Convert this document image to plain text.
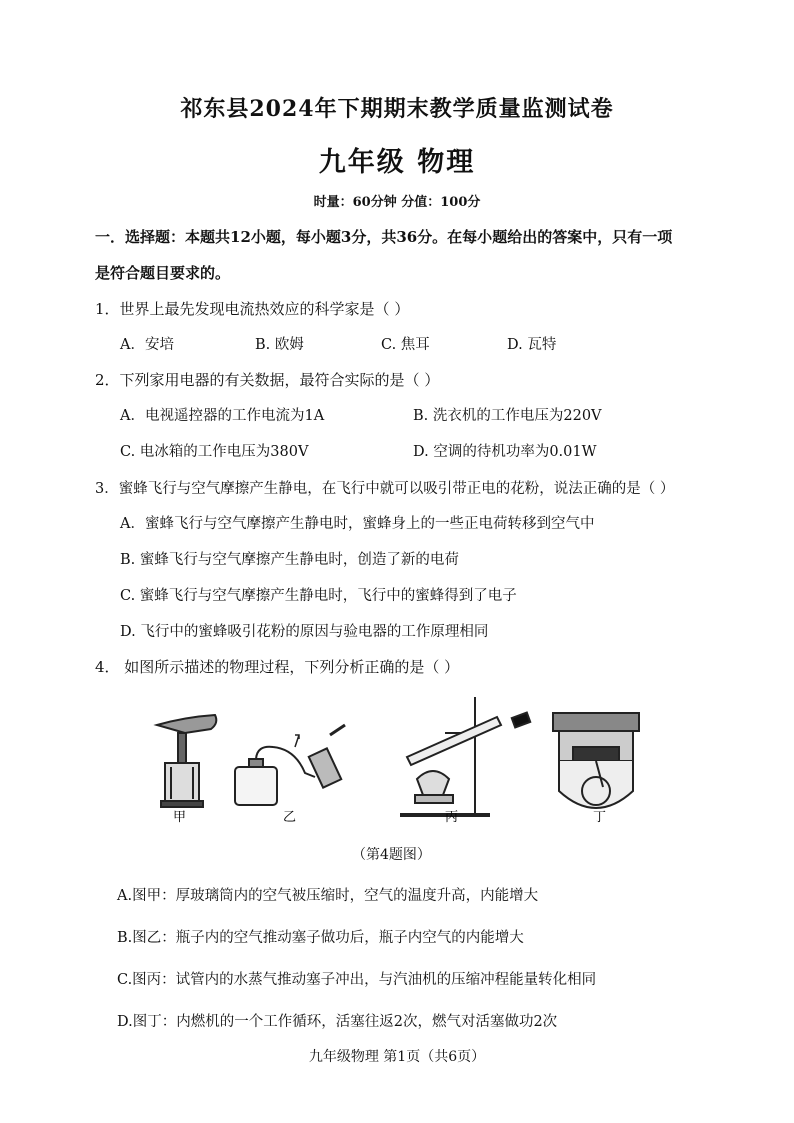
祁东县2024年下期期末教学质量监测试卷
九年级 物理
时量：60分钟 分值：100分
一．选择题：本题共12小题，每小题3分，共36分。在每小题给出的答案中，只有一项
是符合题目要求的。
1．世界上最先发现电流热效应的科学家是（ ）
A．安培	B. 欧姆	C. 焦耳	D. 瓦特
2．下列家用电器的有关数据，最符合实际的是（ ）
A．电视遥控器的工作电流为1A	B. 洗衣机的工作电压为220V
C. 电冰箱的工作电压为380V	D. 空调的待机功率为0.01W
3．蜜蜂飞行与空气摩擦产生静电，在飞行中就可以吸引带正电的花粉，说法正确的是（ ）
A．蜜蜂飞行与空气摩擦产生静电时，蜜蜂身上的一些正电荷转移到空气中
B. 蜜蜂飞行与空气摩擦产生静电时，创造了新的电荷
C. 蜜蜂飞行与空气摩擦产生静电时，飞行中的蜜蜂得到了电子
D. 飞行中的蜜蜂吸引花粉的原因与验电器的工作原理相同
4． 如图所示描述的物理过程，下列分析正确的是（ ）
甲	乙	丙	丁
（第4题图）
A.图甲：厚玻璃筒内的空气被压缩时，空气的温度升高，内能增大
B.图乙：瓶子内的空气推动塞子做功后，瓶子内空气的内能增大
C.图丙：试管内的水蒸气推动塞子冲出，与汽油机的压缩冲程能量转化相同
D.图丁：内燃机的一个工作循环，活塞往返2次，燃气对活塞做功2次
九年级物理 第1页（共6页）
